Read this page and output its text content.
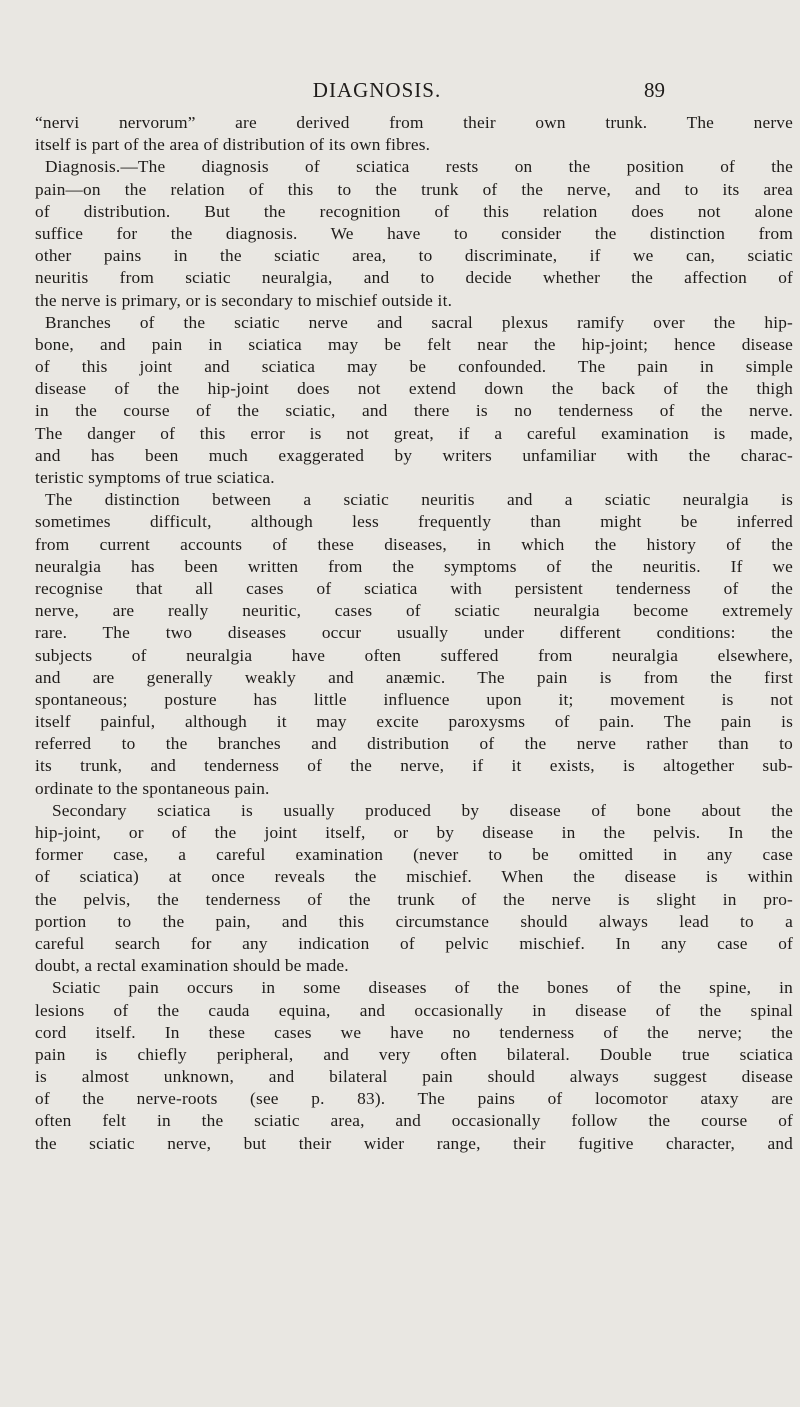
DIAGNOSIS.	89
“nervi nervorum” are derived from their own trunk. The nerve
itself is part of the area of distribution of its own fibres.
Diagnosis.—The diagnosis of sciatica rests on the position of the
pain—on the relation of this to the trunk of the nerve, and to its area
of distribution. But the recognition of this relation does not alone
suffice for the diagnosis. We have to consider the distinction from
other pains in the sciatic area, to discriminate, if we can, sciatic
neuritis from sciatic neuralgia, and to decide whether the affection of
the nerve is primary, or is secondary to mischief outside it.
Branches of the sciatic nerve and sacral plexus ramify over the hip-
bone, and pain in sciatica may be felt near the hip-joint; hence disease
of this joint and sciatica may be confounded. The pain in simple
disease of the hip-joint does not extend down the back of the thigh
in the course of the sciatic, and there is no tenderness of the nerve.
The danger of this error is not great, if a careful examination is made,
and has been much exaggerated by writers unfamiliar with the charac-
teristic symptoms of true sciatica.
The distinction between a sciatic neuritis and a sciatic neuralgia is
sometimes difficult, although less frequently than might be inferred
from current accounts of these diseases, in which the history of the
neuralgia has been written from the symptoms of the neuritis. If we
recognise that all cases of sciatica with persistent tenderness of the
nerve, are really neuritic, cases of sciatic neuralgia become extremely
rare. The two diseases occur usually under different conditions: the
subjects of neuralgia have often suffered from neuralgia elsewhere,
and are generally weakly and anæmic. The pain is from the first
spontaneous; posture has little influence upon it; movement is not
itself painful, although it may excite paroxysms of pain. The pain is
referred to the branches and distribution of the nerve rather than to
its trunk, and tenderness of the nerve, if it exists, is altogether sub-
ordinate to the spontaneous pain.
Secondary sciatica is usually produced by disease of bone about the
hip-joint, or of the joint itself, or by disease in the pelvis. In the
former case, a careful examination (never to be omitted in any case
of sciatica) at once reveals the mischief. When the disease is within
the pelvis, the tenderness of the trunk of the nerve is slight in pro-
portion to the pain, and this circumstance should always lead to a
careful search for any indication of pelvic mischief. In any case of
doubt, a rectal examination should be made.
Sciatic pain occurs in some diseases of the bones of the spine, in
lesions of the cauda equina, and occasionally in disease of the spinal
cord itself. In these cases we have no tenderness of the nerve; the
pain is chiefly peripheral, and very often bilateral. Double true sciatica
is almost unknown, and bilateral pain should always suggest disease
of the nerve-roots (see p. 83). The pains of locomotor ataxy are
often felt in the sciatic area, and occasionally follow the course of
the sciatic nerve, but their wider range, their fugitive character, and
